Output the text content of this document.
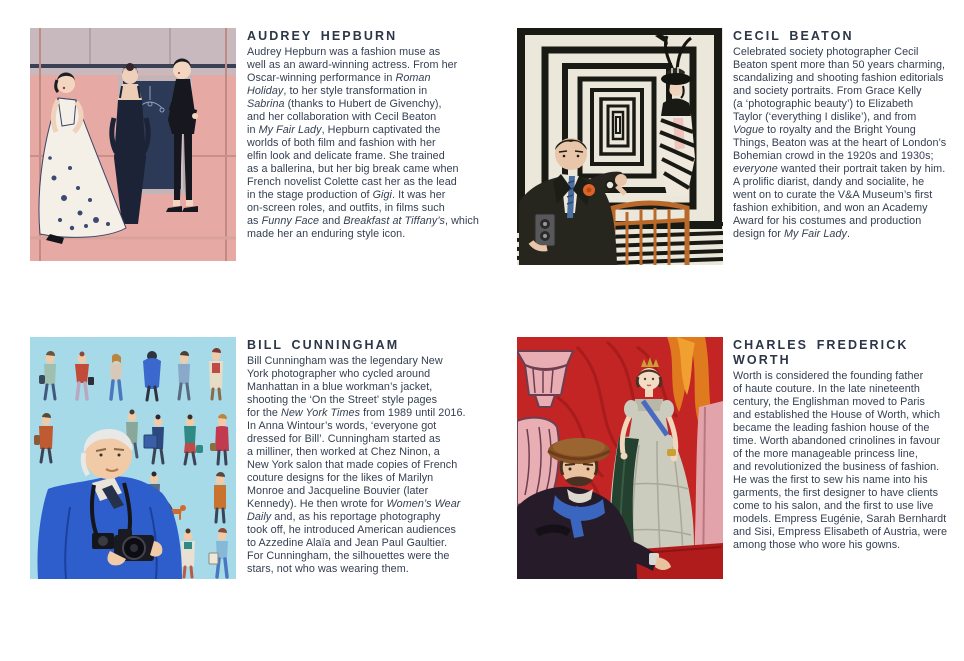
AUDREY HEPBURN
Audrey Hepburn was a fashion muse as
well as an award-winning actress. From her
Oscar-winning performance in Roman
Holiday, to her style transformation in
Sabrina (thanks to Hubert de Givenchy),
and her collaboration with Cecil Beaton
in My Fair Lady, Hepburn captivated the
worlds of both film and fashion with her
elfin look and delicate frame. She trained
as a ballerina, but her big break came when
French novelist Colette cast her as the lead
in the stage production of Gigi. It was her
on-screen roles, and outfits, in films such
as Funny Face and Breakfast at Tiffany’s, which
made her an enduring style icon.
CECIL BEATON
Celebrated society photographer Cecil
Beaton spent more than 50 years charming,
scandalizing and shooting fashion editorials
and society portraits. From Grace Kelly
(a ‘photographic beauty’) to Elizabeth
Taylor (‘everything I dislike’), and from
Vogue to royalty and the Bright Young
Things, Beaton was at the heart of London’s
Bohemian crowd in the 1920s and 1930s;
everyone wanted their portrait taken by him.
A prolific diarist, dandy and socialite, he
went on to curate the V&A Museum’s first
fashion exhibition, and won an Academy
Award for his costumes and production
design for My Fair Lady.
BILL CUNNINGHAM
Bill Cunningham was the legendary New
York photographer who cycled around
Manhattan in a blue workman’s jacket,
shooting the ‘On the Street’ style pages
for the New York Times from 1989 until 2016.
In Anna Wintour’s words, ‘everyone got
dressed for Bill’. Cunningham started as
a milliner, then worked at Chez Ninon, a
New York salon that made copies of French
couture designs for the likes of Marilyn
Monroe and Jacqueline Bouvier (later
Kennedy). He then wrote for Women’s Wear
Daily and, as his reportage photography
took off, he introduced American audiences
to Azzedine Alaïa and Jean Paul Gaultier.
For Cunningham, the silhouettes were the
stars, not who was wearing them.
CHARLES FREDERICK WORTH
Worth is considered the founding father
of haute couture. In the late nineteenth
century, the Englishman moved to Paris
and established the House of Worth, which
became the leading fashion house of the
time. Worth abandoned crinolines in favour
of the more manageable princess line,
and revolutionized the business of fashion.
He was the first to sew his name into his
garments, the first designer to have clients
come to his salon, and the first to use live
models. Empress Eugénie, Sarah Bernhardt
and Sisi, Empress Elisabeth of Austria, were
among those who wore his gowns.
